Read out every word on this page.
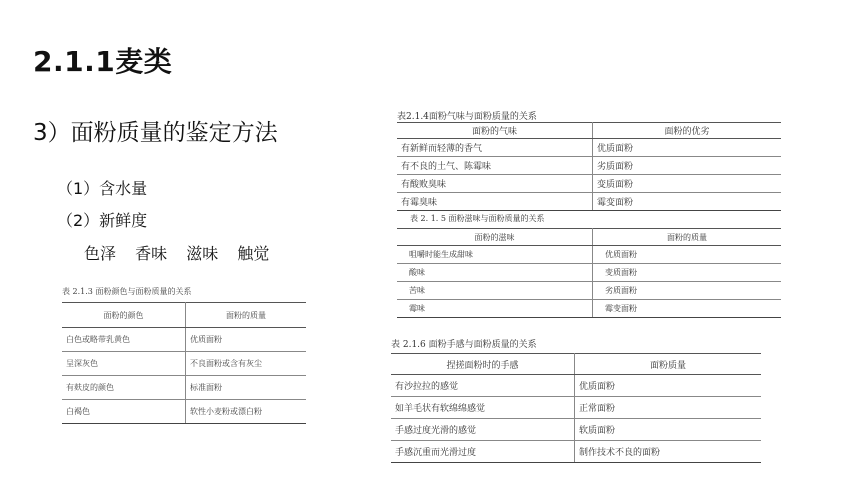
2.1.1麦类
3）面粉质量的鉴定方法
（1）含水量
（2）新鲜度
色泽 香味 滋味 触觉
表 2.1.3 面粉颜色与面粉质量的关系
面粉的颜色	面粉的质量
白色或略带乳黄色	优质面粉
呈深灰色	不良面粉或含有灰尘
有麸皮的颜色	标准面粉
白褐色	软性小麦粉或漂白粉
表2.1.4面粉气味与面粉质量的关系
面粉的气味	面粉的优劣
有新鲜而轻薄的香气	优质面粉
有不良的土气、陈霉味	劣质面粉
有酸败臭味	变质面粉
有霉臭味	霉变面粉
表 2. 1. 5 面粉滋味与面粉质量的关系
面粉的滋味	面粉的质量
咀嚼时能生成甜味	优质面粉
酸味	变质面粉
苦味	劣质面粉
霉味	霉变面粉
表 2.1.6 面粉手感与面粉质量的关系
捏搓面粉时的手感	面粉质量
有沙拉拉的感觉	优质面粉
如羊毛状有软绵绵感觉	正常面粉
手感过度光滑的感觉	软质面粉
手感沉重而光滑过度	制作技术不良的面粉
